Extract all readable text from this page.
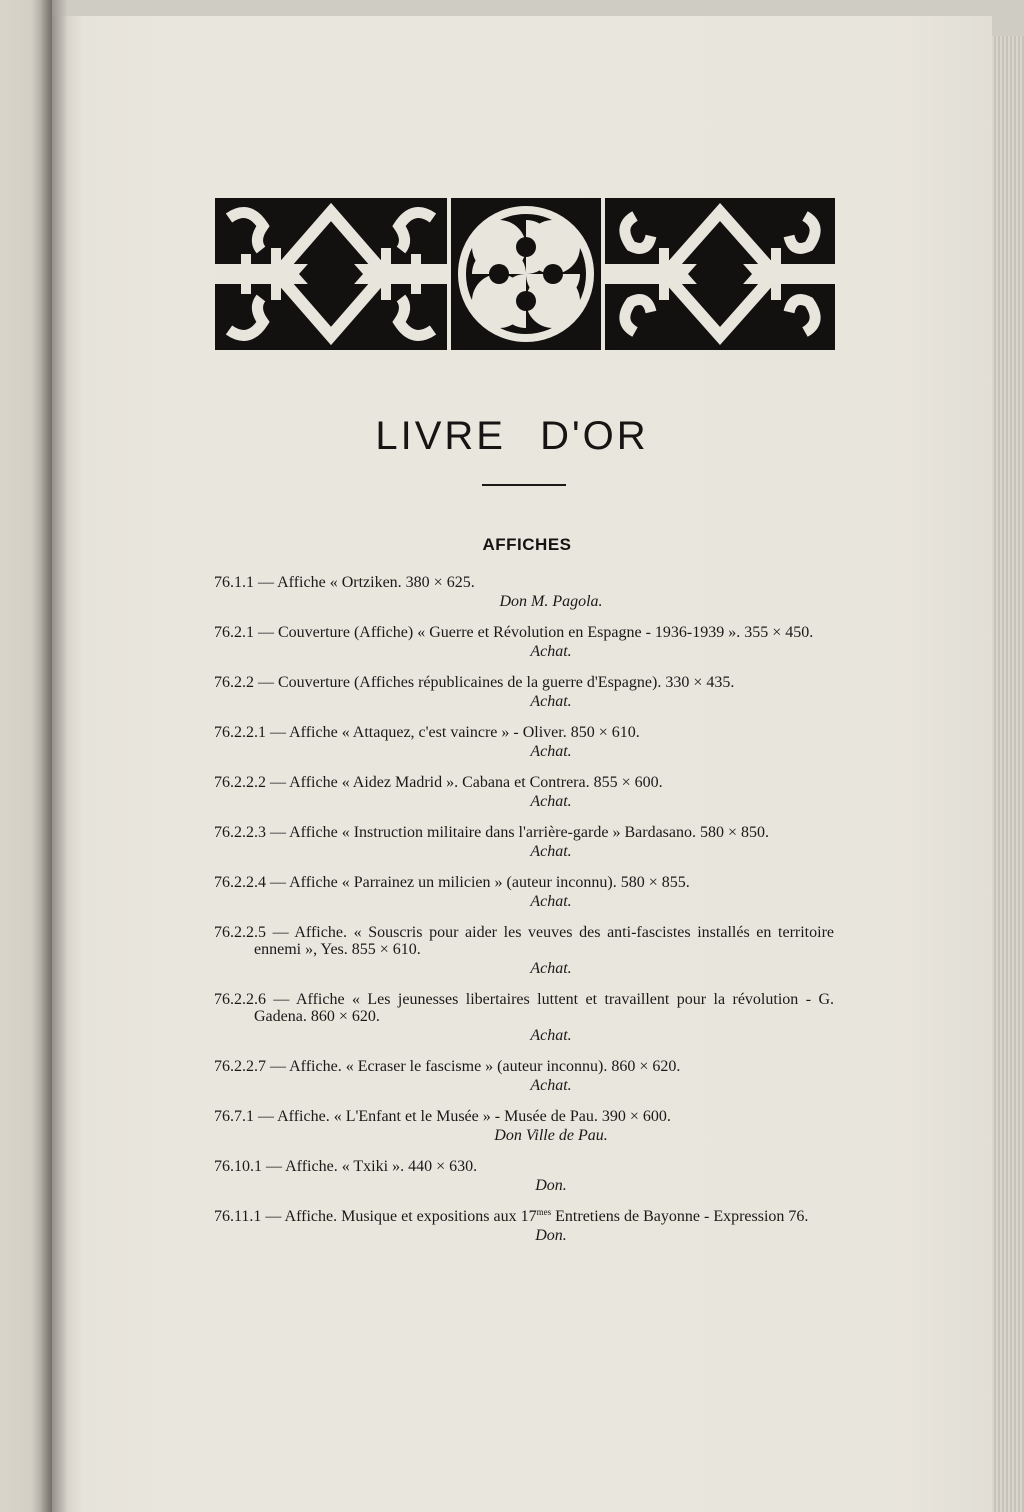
LIVRE D'OR
AFFICHES
76.1.1 — Affiche « Ortziken. 380 × 625.
Don M. Pagola.
76.2.1 — Couverture (Affiche) « Guerre et Révolution en Espagne - 1936-1939 ». 355 × 450.
Achat.
76.2.2 — Couverture (Affiches républicaines de la guerre d'Espagne). 330 × 435.
Achat.
76.2.2.1 — Affiche « Attaquez, c'est vaincre » - Oliver. 850 × 610.
Achat.
76.2.2.2 — Affiche « Aidez Madrid ». Cabana et Contrera. 855 × 600.
Achat.
76.2.2.3 — Affiche « Instruction militaire dans l'arrière-garde » Bardasano. 580 × 850.
Achat.
76.2.2.4 — Affiche « Parrainez un milicien » (auteur inconnu). 580 × 855.
Achat.
76.2.2.5 — Affiche. « Souscris pour aider les veuves des anti-fascistes installés en territoire ennemi », Yes. 855 × 610.
Achat.
76.2.2.6 — Affiche « Les jeunesses libertaires luttent et travaillent pour la révolution - G. Gadena. 860 × 620.
Achat.
76.2.2.7 — Affiche. « Ecraser le fascisme » (auteur inconnu). 860 × 620.
Achat.
76.7.1 — Affiche. « L'Enfant et le Musée » - Musée de Pau. 390 × 600.
Don Ville de Pau.
76.10.1 — Affiche. « Txiki ». 440 × 630.
Don.
76.11.1 — Affiche. Musique et expositions aux $17^{mes}$ Entretiens de Bayonne - Expression 76.
Don.
